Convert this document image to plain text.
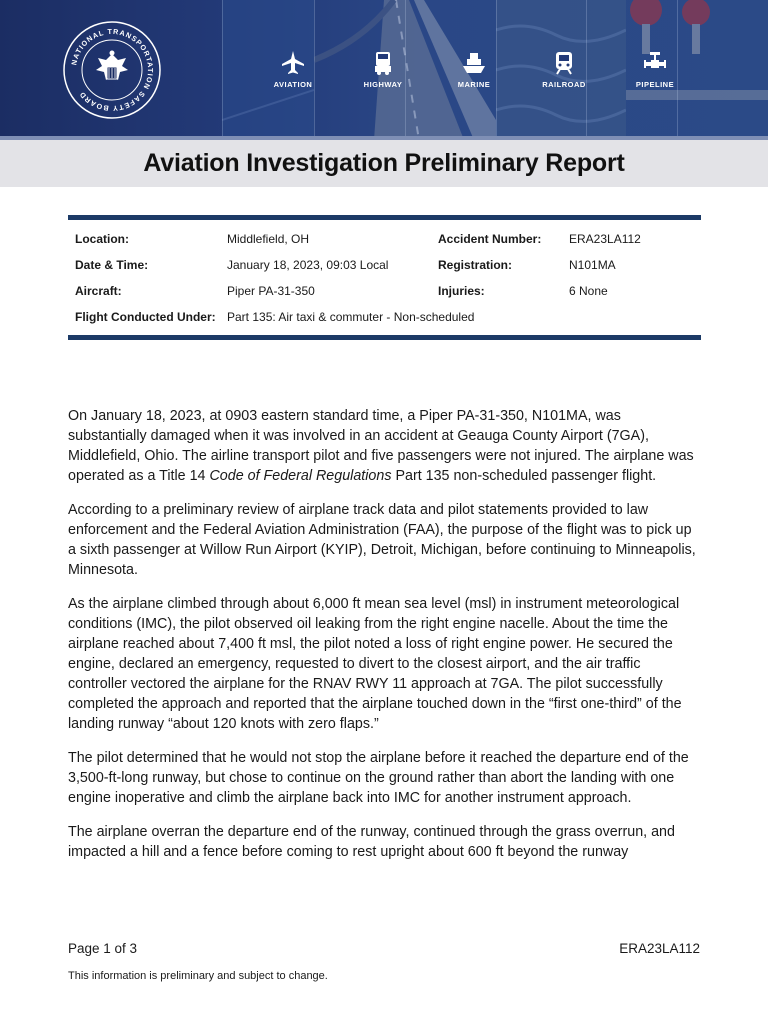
NATIONAL TRANSPORTATION SAFETY BOARD
AVIATION	HIGHWAY	MARINE	RAILROAD	PIPELINE
Aviation Investigation Preliminary Report
Location:	Middlefield, OH	Accident Number: ERA23LA112
Date & Time:	January 18, 2023, 09:03 Local	Registration:	N101MA
Aircraft:	Piper PA-31-350	Injuries:	6 None
Flight Conducted Under: Part 135: Air taxi & commuter - Non-scheduled

On January 18, 2023, at 0903 eastern standard time, a Piper PA-31-350, N101MA, was substantially damaged when it was involved in an accident at Geauga County Airport (7GA), Middlefield, Ohio. The airline transport pilot and five passengers were not injured. The airplane was operated as a Title 14 Code of Federal Regulations Part 135 non-scheduled passenger flight.

According to a preliminary review of airplane track data and pilot statements provided to law enforcement and the Federal Aviation Administration (FAA), the purpose of the flight was to pick up a sixth passenger at Willow Run Airport (KYIP), Detroit, Michigan, before continuing to Minneapolis, Minnesota.

As the airplane climbed through about 6,000 ft mean sea level (msl) in instrument meteorological conditions (IMC), the pilot observed oil leaking from the right engine nacelle. About the time the airplane reached about 7,400 ft msl, the pilot noted a loss of right engine power. He secured the engine, declared an emergency, requested to divert to the closest airport, and the air traffic controller vectored the airplane for the RNAV RWY 11 approach at 7GA. The pilot successfully completed the approach and reported that the airplane touched down in the “first one-third” of the landing runway “about 120 knots with zero flaps.”

The pilot determined that he would not stop the airplane before it reached the departure end of the 3,500-ft-long runway, but chose to continue on the ground rather than abort the landing with one engine inoperative and climb the airplane back into IMC for another instrument approach.

The airplane overran the departure end of the runway, continued through the grass overrun, and impacted a hill and a fence before coming to rest upright about 600 ft beyond the runway

Page 1 of 3	ERA23LA112
This information is preliminary and subject to change.
